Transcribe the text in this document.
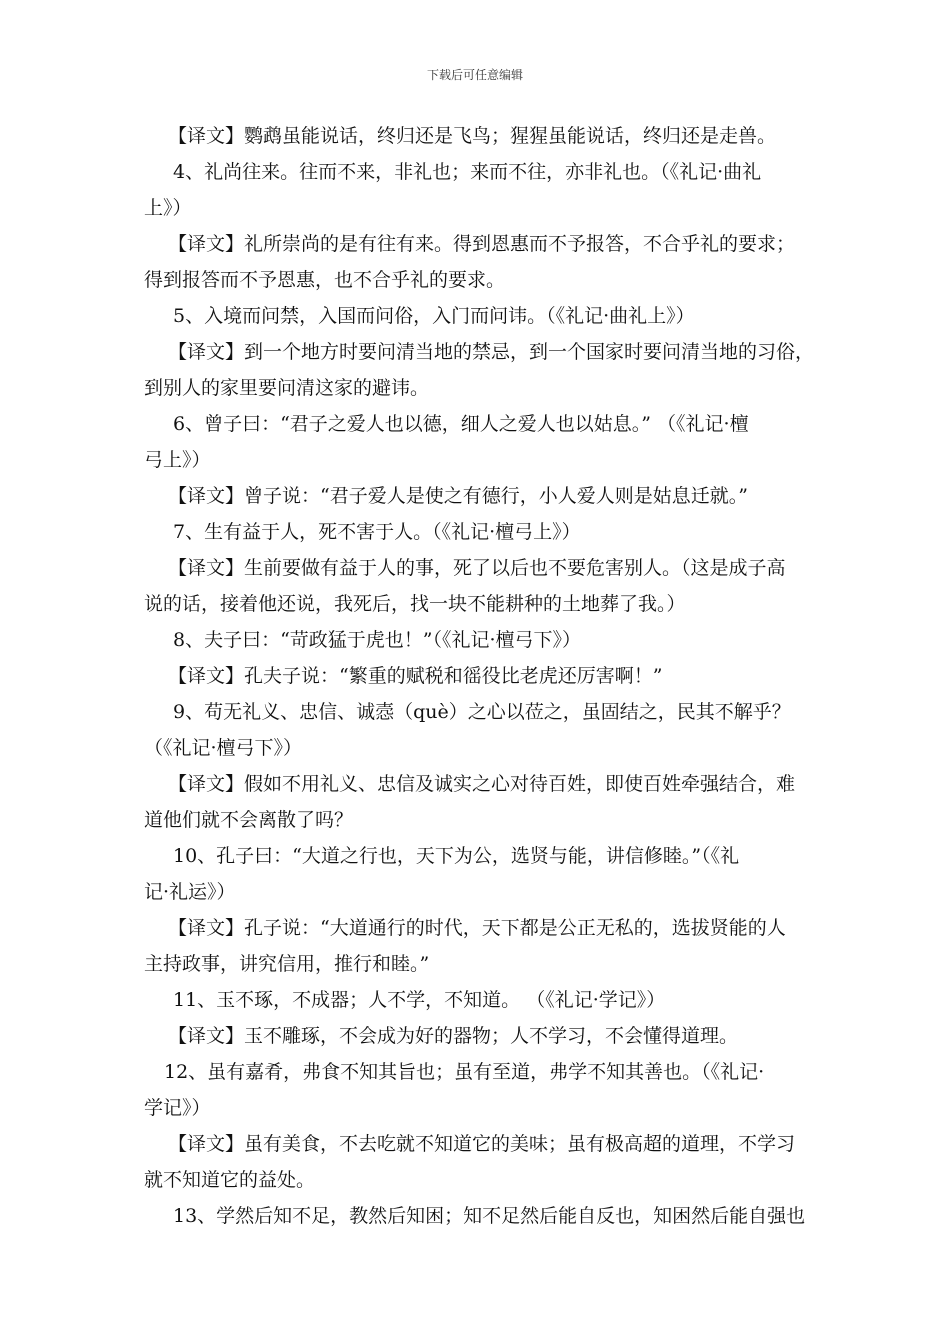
下载后可任意编辑
【译文】鹦鹉虽能说话，终归还是飞鸟；猩猩虽能说话，终归还是走兽。
4、礼尚往来。往而不来，非礼也；来而不往，亦非礼也。（《礼记·曲礼
上》）
【译文】礼所崇尚的是有往有来。得到恩惠而不予报答，不合乎礼的要求；
得到报答而不予恩惠，也不合乎礼的要求。
5、入境而问禁，入国而问俗，入门而问讳。（《礼记·曲礼上》）
【译文】到一个地方时要问清当地的禁忌，到一个国家时要问清当地的习俗，
到别人的家里要问清这家的避讳。
6、曾子曰：“君子之爱人也以德，细人之爱人也以姑息。” （《礼记·檀
弓上》）
【译文】曾子说：“君子爱人是使之有德行，小人爱人则是姑息迁就。”
7、生有益于人，死不害于人。（《礼记·檀弓上》）
【译文】生前要做有益于人的事，死了以后也不要危害别人。（这是成子高
说的话，接着他还说，我死后，找一块不能耕种的土地葬了我。）
8、夫子曰：“苛政猛于虎也！”（《礼记·檀弓下》）
【译文】孔夫子说：“繁重的赋税和徭役比老虎还厉害啊！”
9、苟无礼义、忠信、诚悫（què）之心以莅之，虽固结之，民其不解乎？
（《礼记·檀弓下》）
【译文】假如不用礼义、忠信及诚实之心对待百姓，即使百姓牵强结合，难
道他们就不会离散了吗？
10、孔子曰：“大道之行也，天下为公，选贤与能，讲信修睦。”（《礼
记·礼运》）
【译文】孔子说：“大道通行的时代，天下都是公正无私的，选拔贤能的人
主持政事，讲究信用，推行和睦。”
11、玉不琢，不成器；人不学，不知道。 （《礼记·学记》）
【译文】玉不雕琢，不会成为好的器物；人不学习，不会懂得道理。
12、虽有嘉肴，弗食不知其旨也；虽有至道，弗学不知其善也。（《礼记·
学记》）
【译文】虽有美食，不去吃就不知道它的美味；虽有极高超的道理，不学习
就不知道它的益处。
13、学然后知不足，教然后知困；知不足然后能自反也，知困然后能自强也
